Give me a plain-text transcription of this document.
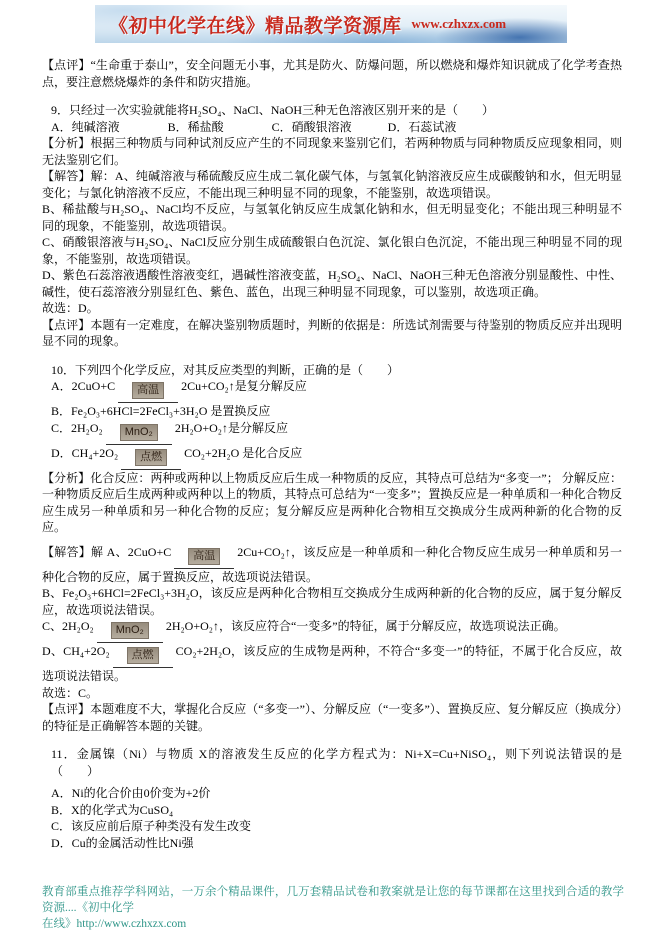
《初中化学在线》精品教学资源库 www.czhxzx.com

【点评】“生命重于泰山”，安全问题无小事，尤其是防火、防爆问题，所以燃烧和爆炸知识就成了化学考查热点，要注意燃烧爆炸的条件和防灾措施。

9．只经过一次实验就能将H₂SO₄、NaCl、NaOH三种无色溶液区别开来的是（　　）

A．纯碱溶液　　　　B．稀盐酸　　　　C．硝酸银溶液　　　D．石蕊试液

【分析】根据三种物质与同种试剂反应产生的不同现象来鉴别它们，若两种物质与同种物质反应现象相同，则无法鉴别它们。

【解答】解：A、纯碱溶液与稀硫酸反应生成二氧化碳气体，与氢氧化钠溶液反应生成碳酸钠和水，但无明显变化；与氯化钠溶液不反应，不能出现三种明显不同的现象，不能鉴别，故选项错误。

B、稀盐酸与H₂SO₄、NaCl均不反应，与氢氧化钠反应生成氯化钠和水，但无明显变化；不能出现三种明显不同的现象，不能鉴别，故选项错误。

C、硝酸银溶液与H₂SO₄、NaCl反应分别生成硫酸银白色沉淀、氯化银白色沉淀，不能出现三种明显不同的现象，不能鉴别，故选项错误。

D、紫色石蕊溶液遇酸性溶液变红，遇碱性溶液变蓝，H₂SO₄、NaCl、NaOH三种无色溶液分别显酸性、中性、碱性，使石蕊溶液分别显红色、紫色、蓝色，出现三种明显不同现象，可以鉴别，故选项正确。

故选：D。

【点评】本题有一定难度，在解决鉴别物质题时，判断的依据是：所选试剂需要与待鉴别的物质反应并出现明显不同的现象。

10．下列四个化学反应，对其反应类型的判断，正确的是（　　）

A．2CuO+C 高温 2Cu+CO₂↑是复分解反应

B．Fe₂O₃+6HCl=2FeCl₃+3H₂O 是置换反应

C．2H₂O₂ MnO₂ 2H₂O+O₂↑是分解反应

D．CH₄+2O₂ 点燃 CO₂+2H₂O 是化合反应

【分析】化合反应：两种或两种以上物质反应后生成一种物质的反应，其特点可总结为“多变一”； 分解反应：一种物质反应后生成两种或两种以上的物质，其特点可总结为“一变多”；置换反应是一种单质和一种化合物反应生成另一种单质和另一种化合物的反应；复分解反应是两种化合物相互交换成分生成两种新的化合物的反应。

【解答】解 A、2CuO+C 高温 2Cu+CO₂↑，该反应是一种单质和一种化合物反应生成另一种单质和另一种化合物的反应，属于置换反应，故选项说法错误。

B、Fe₂O₃+6HCl=2FeCl₃+3H₂O，该反应是两种化合物相互交换成分生成两种新的化合物的反应，属于复分解反应，故选项说法错误。

C、2H₂O₂ MnO₂ 2H₂O+O₂↑，该反应符合“一变多”的特征，属于分解反应，故选项说法正确。

D、CH₄+2O₂ 点燃 CO₂+2H₂O，该反应的生成物是两种，不符合“多变一”的特征，不属于化合反应，故选项说法错误。

故选：C。

【点评】本题难度不大，掌握化合反应（“多变一”）、分解反应（“一变多”）、置换反应、复分解反应（换成分）的特征是正确解答本题的关键。

11．金属镍（Ni）与物质 X的溶液发生反应的化学方程式为：Ni+X=Cu+NiSO₄，则下列说法错误的是（　　）

A．Ni的化合价由0价变为+2价

B．X的化学式为CuSO₄

C．该反应前后原子种类没有发生改变

D．Cu的金属活动性比Ni强

教育部重点推荐学科网站，一万余个精品课件，几万套精品试卷和教案就是让您的每节课都在这里找到合适的教学资源....《初中化学
在线》http://www.czhxzx.com
